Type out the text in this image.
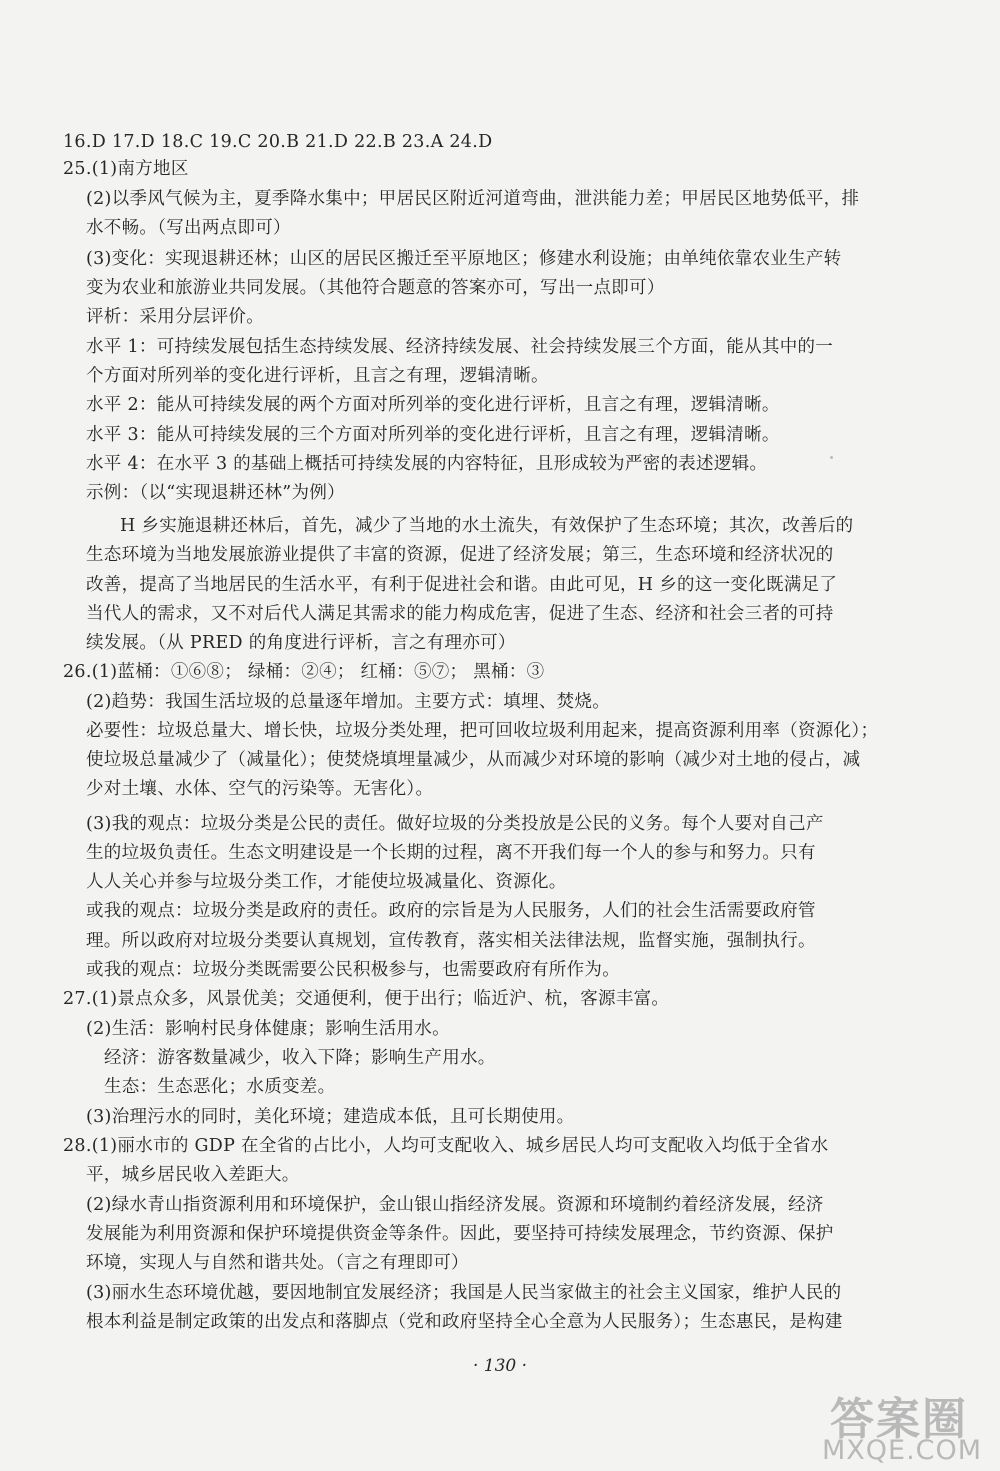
16.D 17.D 18.C 19.C 20.B 21.D 22.B 23.A 24.D
25.(1)南方地区
(2)以季风气候为主，夏季降水集中；甲居民区附近河道弯曲，泄洪能力差；甲居民区地势低平，排
水不畅。（写出两点即可）
(3)变化：实现退耕还林；山区的居民区搬迁至平原地区；修建水利设施；由单纯依靠农业生产转
变为农业和旅游业共同发展。（其他符合题意的答案亦可，写出一点即可）
评析：采用分层评价。
水平 1：可持续发展包括生态持续发展、经济持续发展、社会持续发展三个方面，能从其中的一
个方面对所列举的变化进行评析，且言之有理，逻辑清晰。
水平 2：能从可持续发展的两个方面对所列举的变化进行评析，且言之有理，逻辑清晰。
水平 3：能从可持续发展的三个方面对所列举的变化进行评析，且言之有理，逻辑清晰。
水平 4：在水平 3 的基础上概括可持续发展的内容特征，且形成较为严密的表述逻辑。
示例：（以“实现退耕还林”为例）
H 乡实施退耕还林后，首先，减少了当地的水土流失，有效保护了生态环境；其次，改善后的
生态环境为当地发展旅游业提供了丰富的资源，促进了经济发展；第三，生态环境和经济状况的
改善，提高了当地居民的生活水平，有利于促进社会和谐。由此可见，H 乡的这一变化既满足了
当代人的需求，又不对后代人满足其需求的能力构成危害，促进了生态、经济和社会三者的可持
续发展。（从 PRED 的角度进行评析，言之有理亦可）
26.(1)蓝桶：①⑥⑧； 绿桶：②④； 红桶：⑤⑦； 黑桶：③
(2)趋势：我国生活垃圾的总量逐年增加。主要方式：填埋、焚烧。
必要性：垃圾总量大、增长快，垃圾分类处理，把可回收垃圾利用起来，提高资源利用率（资源化）；
使垃圾总量减少了（减量化）；使焚烧填埋量减少，从而减少对环境的影响（减少对土地的侵占，减
少对土壤、水体、空气的污染等。无害化）。
(3)我的观点：垃圾分类是公民的责任。做好垃圾的分类投放是公民的义务。每个人要对自己产
生的垃圾负责任。生态文明建设是一个长期的过程，离不开我们每一个人的参与和努力。只有
人人关心并参与垃圾分类工作，才能使垃圾减量化、资源化。
或我的观点：垃圾分类是政府的责任。政府的宗旨是为人民服务，人们的社会生活需要政府管
理。所以政府对垃圾分类要认真规划，宣传教育，落实相关法律法规，监督实施，强制执行。
或我的观点：垃圾分类既需要公民积极参与，也需要政府有所作为。
27.(1)景点众多，风景优美；交通便利，便于出行；临近沪、杭，客源丰富。
(2)生活：影响村民身体健康；影响生活用水。
经济：游客数量减少，收入下降；影响生产用水。
生态：生态恶化；水质变差。
(3)治理污水的同时，美化环境；建造成本低，且可长期使用。
28.(1)丽水市的 GDP 在全省的占比小，人均可支配收入、城乡居民人均可支配收入均低于全省水
平，城乡居民收入差距大。
(2)绿水青山指资源利用和环境保护，金山银山指经济发展。资源和环境制约着经济发展，经济
发展能为利用资源和保护环境提供资金等条件。因此，要坚持可持续发展理念，节约资源、保护
环境，实现人与自然和谐共处。（言之有理即可）
(3)丽水生态环境优越，要因地制宜发展经济；我国是人民当家做主的社会主义国家，维护人民的
根本利益是制定政策的出发点和落脚点（党和政府坚持全心全意为人民服务）；生态惠民，是构建
· 130 ·
答案圈
MXQE.COM
